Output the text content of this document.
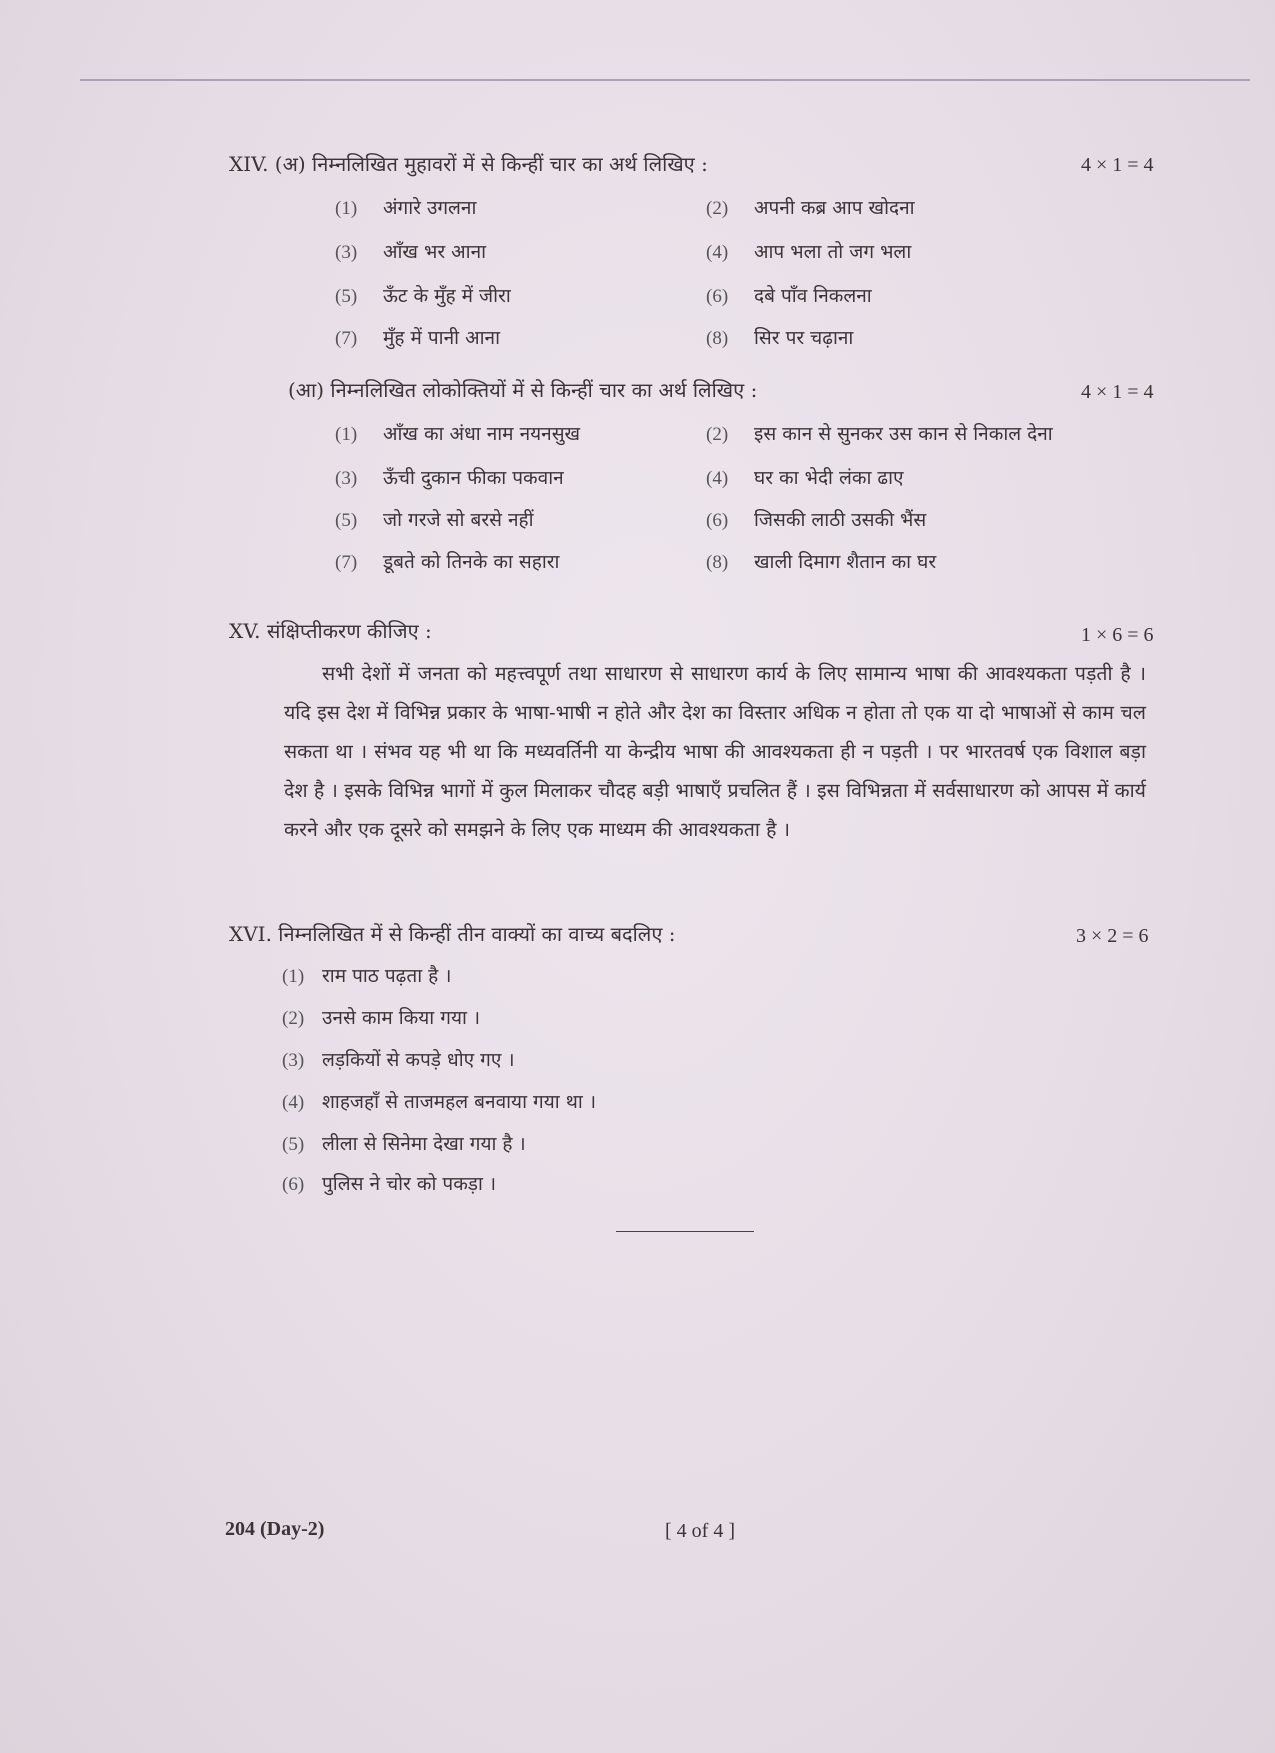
XIV. (अ) निम्नलिखित मुहावरों में से किन्हीं चार का अर्थ लिखिए :	4 × 1 = 4
(1) अंगारे उगलना	(2) अपनी कब्र आप खोदना
(3) आँख भर आना	(4) आप भला तो जग भला
(5) ऊँट के मुँह में जीरा	(6) दबे पाँव निकलना
(7) मुँह में पानी आना	(8) सिर पर चढ़ाना
(आ) निम्नलिखित लोकोक्तियों में से किन्हीं चार का अर्थ लिखिए :	4 × 1 = 4
(1) आँख का अंधा नाम नयनसुख	(2) इस कान से सुनकर उस कान से निकाल देना
(3) ऊँची दुकान फीका पकवान	(4) घर का भेदी लंका ढाए
(5) जो गरजे सो बरसे नहीं	(6) जिसकी लाठी उसकी भैंस
(7) डूबते को तिनके का सहारा	(8) खाली दिमाग शैतान का घर
XV. संक्षिप्तीकरण कीजिए :	1 × 6 = 6
सभी देशों में जनता को महत्त्वपूर्ण तथा साधारण से साधारण कार्य के लिए सामान्य भाषा की आवश्यकता पड़ती है । यदि इस देश में विभिन्न प्रकार के भाषा-भाषी न होते और देश का विस्तार अधिक न होता तो एक या दो भाषाओं से काम चल सकता था । संभव यह भी था कि मध्यवर्तिनी या केन्द्रीय भाषा की आवश्यकता ही न पड़ती । पर भारतवर्ष एक विशाल बड़ा देश है । इसके विभिन्न भागों में कुल मिलाकर चौदह बड़ी भाषाएँ प्रचलित हैं । इस विभिन्नता में सर्वसाधारण को आपस में कार्य करने और एक दूसरे को समझने के लिए एक माध्यम की आवश्यकता है ।
XVI. निम्नलिखित में से किन्हीं तीन वाक्यों का वाच्य बदलिए :	3 × 2 = 6
(1) राम पाठ पढ़ता है ।
(2) उनसे काम किया गया ।
(3) लड़कियों से कपड़े धोए गए ।
(4) शाहजहाँ से ताजमहल बनवाया गया था ।
(5) लीला से सिनेमा देखा गया है ।
(6) पुलिस ने चोर को पकड़ा ।
204 (Day-2)	[ 4 of 4 ]
